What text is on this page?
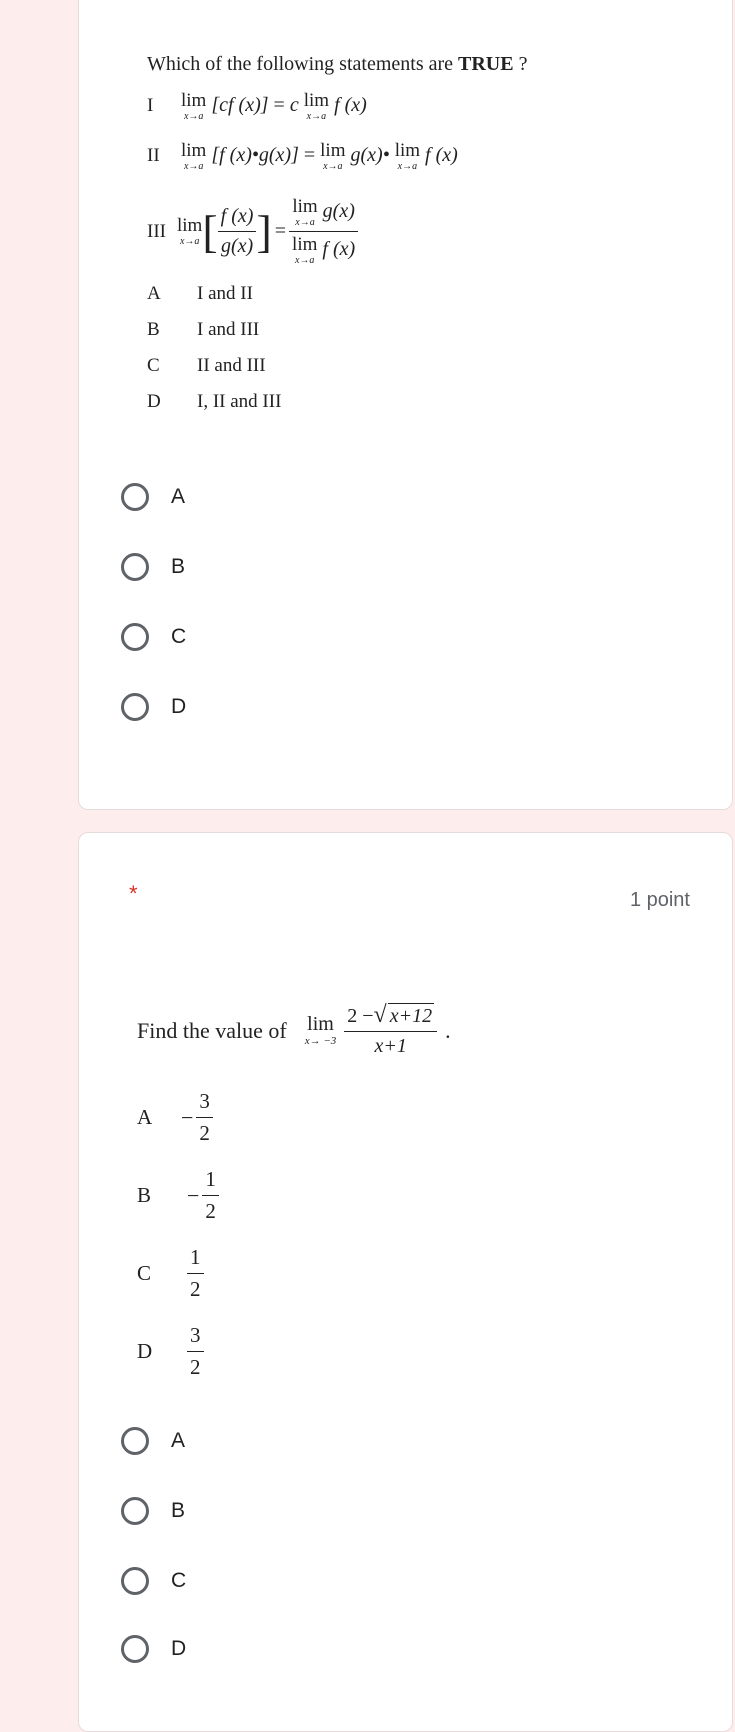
Which of the following statements are TRUE ?
I lim
x→a
[cf (x)] = c lim
x→a
f (x)
II lim
x→a
[f (x)•g(x)] = lim
x→a
g(x)• lim
x→a
f (x)
III lim
x→a [ $\frac{f (x)}{g(x)}$ ] = lim
x→a
g(x)
lim
x→a
f (x)
A I and II
B I and III
C II and III
D I, II and III
A
B
C
D
*	1 point
Find the value of lim
$x\to -3 \frac{2 - √ x+12}{x+1}$ .
A	− $\frac{3}{2}$
B	− $\frac{1}{2}$
C	$\frac{1}{2}$
D	$\frac{3}{2}$
A
B
C
D
